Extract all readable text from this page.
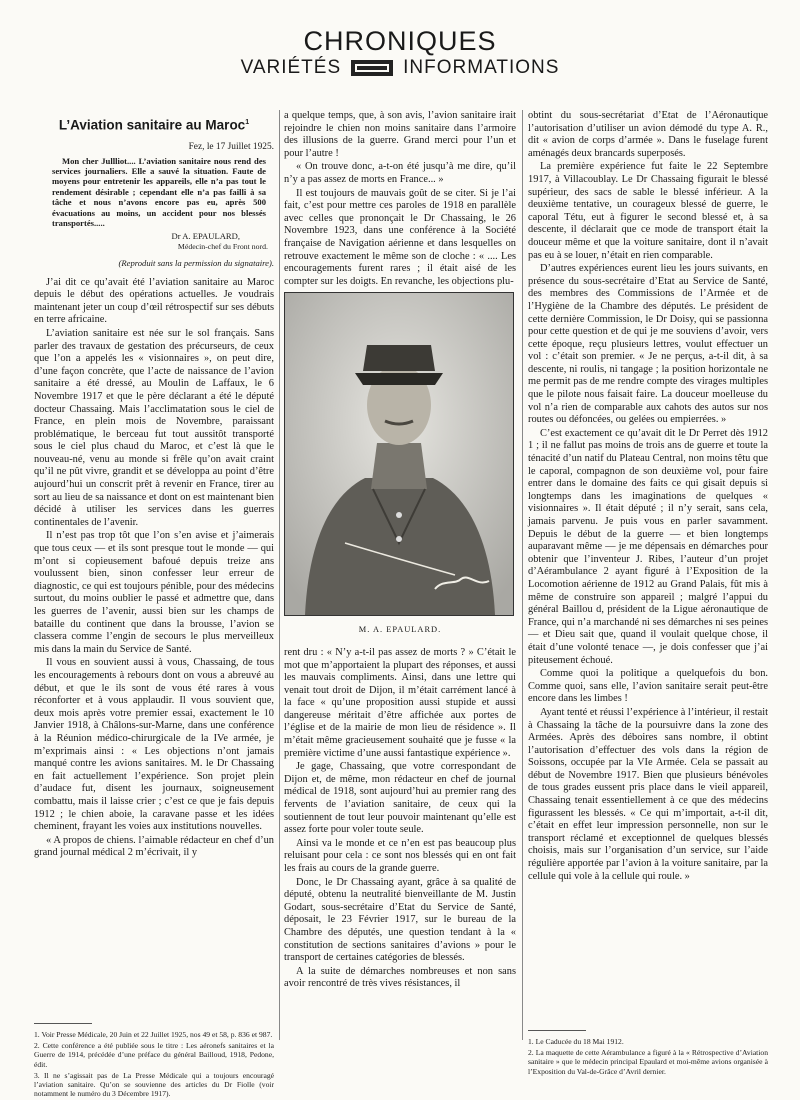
CHRONIQUES
VARIÉTÉS	INFORMATIONS
L’Aviation sanitaire au Maroc$^1$
Fez, le 17 Juillet 1925.
Mon cher Jullliot.... L’aviation sanitaire nous rend des services journaliers. Elle a sauvé la situation. Faute de moyens pour entretenir les appareils, elle n’a pas tout le rendement désirable ; cependant elle n’a pas failli à sa tâche et nous n’avons encore pas eu, après 500 évacuations au moins, un accident pour nos blessés transportés.....
Dr A. EPAULARD,
Médecin-chef du Front nord.
(Reproduit sans la permission du signataire).

J’ai dit ce qu’avait été l’aviation sanitaire au Maroc depuis le début des opérations actuelles. Je voudrais maintenant jeter un coup d’œil rétrospectif sur ses débuts en terre africaine.

L’aviation sanitaire est née sur le sol français. Sans parler des travaux de gestation des précurseurs, de ceux que l’on a appelés les « visionnaires », on peut dire, d’une façon concrète, que l’acte de naissance de l’avion sanitaire a été dressé, au Moulin de Laffaux, le 6 Novembre 1917 et que le père déclarant a été le député docteur Chassaing. Mais l’acclimatation sous le ciel de France, en plein mois de Novembre, paraissant problématique, le berceau fut tout aussitôt transporté sous le ciel plus chaud du Maroc, et c’est là que le nouveau-né, venu au monde si frêle qu’on avait craint qu’il ne pût vivre, grandit et se développa au point d’être aujourd’hui un conscrit prêt à revenir en France, tirer au sort au lieu de sa naissance et dont on est maintenant bien décidé à utiliser les services dans les guerres continentales de l’avenir.

Il n’est pas trop tôt que l’on s’en avise et j’aimerais que tous ceux — et ils sont presque tout le monde — qui m’ont si copieusement bafoué depuis treize ans voulussent bien, sinon confesser leur erreur de diagnostic, ce qui est toujours pénible, pour des médecins surtout, du moins oublier le passé et admettre que, dans les guerres de l’avenir, aussi bien sur les champs de bataille du continent que dans la brousse, l’avion se classera comme l’engin de secours le plus merveilleux mis dans la main du Service de Santé.

Il vous en souvient aussi à vous, Chassaing, de tous les encouragements à rebours dont on vous a abreuvé au début, et que le ils sont de vous été rares à vous réconforter et à vous applaudir. Il vous souvient que, deux mois après votre premier essai, exactement le 10 Janvier 1918, à Châlons-sur-Marne, dans une conférence à la Réunion médico-chirurgicale de la IVe armée, je m’exprimais ainsi : « Les objections n’ont jamais manqué contre les avions sanitaires. M. le Dr Chassaing en fait actuellement l’expérience. Son projet plein d’audace fut, disent les journaux, soigneusement combattu, mais il laisse crier ; c’est ce que je fais depuis 1912 ; le chien aboie, la caravane passe et les idées cheminent, frayant les voies aux institutions nouvelles.

« A propos de chiens. l’aimable rédacteur en chef d’un grand journal médical 2 m’écrivait, il y

1. Voir Presse Médicale, 20 Juin et 22 Juillet 1925, nos 49 et 58, p. 836 et 987.

2. Cette conférence a été publiée sous le titre : Les aéronefs sanitaires et la Guerre de 1914, précédée d’une préface du général Bailloud, 1918, Pedone, édit.

3. Il ne s’agissait pas de La Presse Médicale qui a toujours encouragé l’aviation sanitaire. Qu’on se souvienne des articles du Dr Fiolle (voir notamment le numéro du 3 Décembre 1917).

a quelque temps, que, à son avis, l’avion sanitaire irait rejoindre le chien non moins sanitaire dans l’armoire des illusions de la guerre. Grand merci pour l’un et pour l’autre !

« On trouve donc, a-t-on été jusqu’à me dire, qu’il n’y a pas assez de morts en France... »

Il est toujours de mauvais goût de se citer. Si je l’ai fait, c’est pour mettre ces paroles de 1918 en parallèle avec celles que prononçait le Dr Chassaing, le 26 Novembre 1923, dans une conférence à la Société française de Navigation aérienne et dans lesquelles on retrouve exactement le même son de cloche : « .... Les encouragements furent rares ; il était aisé de les compter sur les doigts. En revanche, les objections plu-

M. A. EPAULARD.

rent dru : « N’y a-t-il pas assez de morts ? » C’était le mot que m’apportaient la plupart des réponses, et aussi les mauvais compliments. Ainsi, dans une lettre qui venait tout droit de Dijon, il m’était carrément lancé à la face « qu’une proposition aussi stupide et aussi dangereuse méritait d’être affichée aux portes de l’église et de la mairie de mon lieu de résidence ». Il m’était même gracieusement souhaité que je fusse « la première victime d’une aussi fantastique expérience ».

Je gage, Chassaing, que votre correspondant de Dijon et, de même, mon rédacteur en chef de journal médical de 1918, sont aujourd’hui au premier rang des fervents de l’aviation sanitaire, de ceux qui la soutiennent de tout leur pouvoir maintenant qu’elle est assez forte pour voler toute seule.

Ainsi va le monde et ce n’en est pas beaucoup plus reluisant pour cela : ce sont nos blessés qui en ont fait les frais au cours de la grande guerre.

Donc, le Dr Chassaing ayant, grâce à sa qualité de député, obtenu la neutralité bienveillante de M. Justin Godart, sous-secrétaire d’Etat du Service de Santé, déposait, le 23 Février 1917, sur le bureau de la Chambre des députés, une question tendant à la « constitution de sections sanitaires d’avions » pour le transport de certaines catégories de blessés.

A la suite de démarches nombreuses et non sans avoir rencontré de très vives résistances, il

obtint du sous-secrétariat d’Etat de l’Aéronautique l’autorisation d’utiliser un avion démodé du type A. R., dit « avion de corps d’armée ». Dans le fuselage furent aménagés deux brancards superposés.

La première expérience fut faite le 22 Septembre 1917, à Villacoublay. Le Dr Chassaing figurait le blessé supérieur, des sacs de sable le blessé inférieur. A la deuxième tentative, un courageux blessé de guerre, le caporal Tétu, eut à figurer le second blessé et, à sa descente, il déclarait que ce mode de transport était la douceur même et que la voiture sanitaire, dont il n’avait pas eu à se louer, n’était en rien comparable.

D’autres expériences eurent lieu les jours suivants, en présence du sous-secrétaire d’Etat au Service de Santé, des membres des Commissions de l’Armée et de l’Hygiène de la Chambre des députés. Le président de cette dernière Commission, le Dr Doisy, qui se passionna pour cette question et de qui je me souviens d’avoir, vers cette époque, reçu plusieurs lettres, voulut effectuer un vol : c’était son premier. « Je ne perçus, a-t-il dit, à sa descente, ni roulis, ni tangage ; la position horizontale ne me permit pas de me rendre compte des virages multiples que le pilote nous faisait faire. La douceur moelleuse du vol n’a rien de comparable aux cahots des autos sur nos routes ou défoncées, ou gelées ou empierrées. »

C’est exactement ce qu’avait dit le Dr Perret dès 1912 1 ; il ne fallut pas moins de trois ans de guerre et toute la ténacité d’un natif du Plateau Central, non moins têtu que le caporal, compagnon de son deuxième vol, pour faire entrer dans le domaine des faits ce qui gisait depuis si longtemps dans les imaginations de quelques « visionnaires ». Il était député ; il n’y serait, sans cela, jamais parvenu. Je puis vous en parler savamment. Depuis le début de la guerre — et bien longtemps auparavant même — je me dépensais en démarches pour obtenir que l’inventeur J. Ribes, l’auteur d’un projet d’Aérambulance 2 ayant figuré à l’Exposition de la Locomotion aérienne de 1912 au Grand Palais, fût mis à même de construire son appareil ; malgré l’appui du général Baillou d, président de la Ligue aéronautique de France, qui n’a marchandé ni ses démarches ni ses peines — et Dieu sait que, quand il voulait quelque chose, il était d’une volonté tenace —, je dois confesser que j’ai piteusement échoué.

Comme quoi la politique a quelquefois du bon. Comme quoi, sans elle, l’avion sanitaire serait peut-être encore dans les limbes !

Ayant tenté et réussi l’expérience à l’intérieur, il restait à Chassaing la tâche de la poursuivre dans la zone des Armées. Après des déboires sans nombre, il obtint l’autorisation d’effectuer des vols dans la région de Soissons, occupée par la VIe Armée. Cela se passait au début de Novembre 1917. Bien que plusieurs bénévoles de tous grades eussent pris place dans le vieil appareil, Chassaing tenait essentiellement à ce que des médecins figurassent les blessés. « Ce qui m’importait, a-t-il dit, c’était en effet leur impression personnelle, non sur le transport réclamé et exceptionnel de quelques blessés choisis, mais sur l’organisation d’un service, sur l’aide régulière apportée par l’avion à la voiture sanitaire, par la cellule qui vole à la cellule qui roule. »

1. Le Caducée du 18 Mai 1912.

2. La maquette de cette Aérambulance a figuré à la « Rétrospective d’Aviation sanitaire » que le médecin principal Epaulard et moi-même avions organisée à l’Exposition du Val-de-Grâce d’Avril dernier.
